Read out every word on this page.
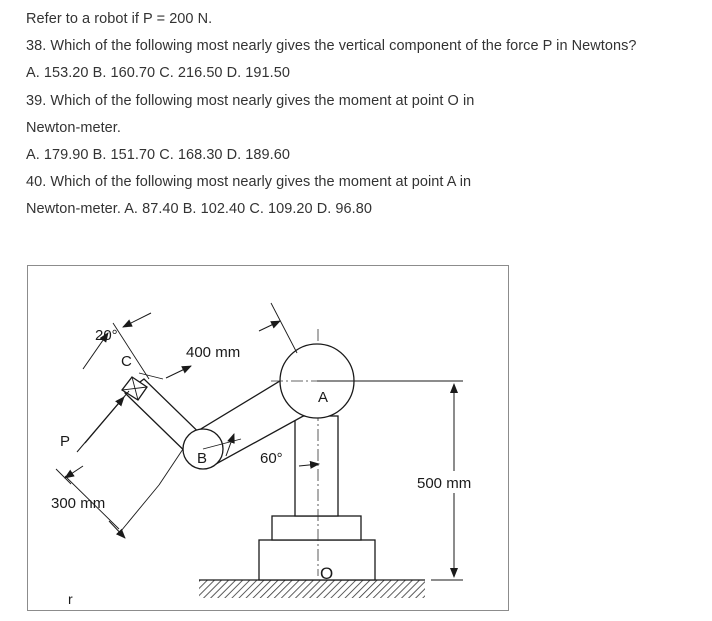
Refer to a robot if P = 200 N.
38. Which of the following most nearly gives the vertical component of the force P in Newtons?
A. 153.20 B. 160.70 C. 216.50 D. 191.50
39. Which of the following most nearly gives the moment at point O in
Newton-meter.
A. 179.90 B. 151.70 C. 168.30 D. 189.60
40. Which of the following most nearly gives the moment at point A in
Newton-meter. A. 87.40 B. 102.40 C. 109.20 D. 96.80
20°
C
400 mm
P
B	60°
A
300 mm
500 mm
O
r
